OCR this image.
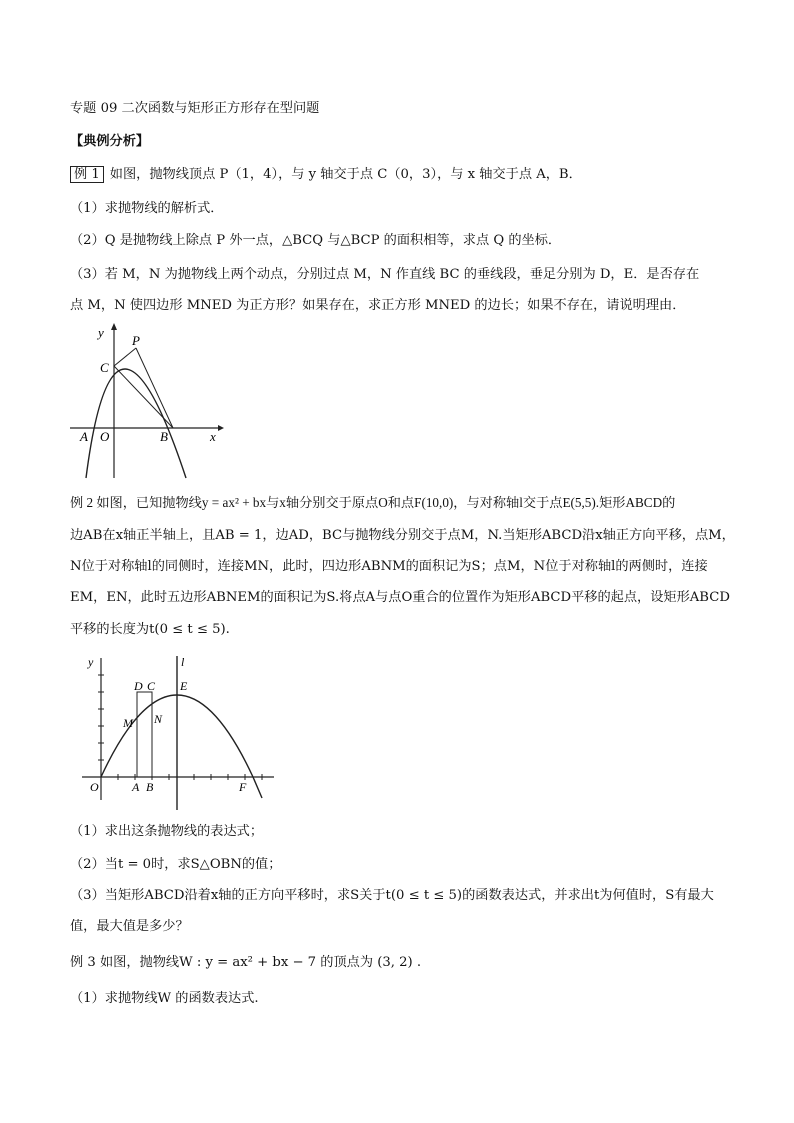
专题 09 二次函数与矩形正方形存在型问题
【典例分析】
例 1 如图，抛物线顶点 P（1，4），与 y 轴交于点 C（0，3），与 x 轴交于点 A，B．
（1）求抛物线的解析式．
（2）Q 是抛物线上除点 P 外一点，△BCQ 与△BCP 的面积相等，求点 Q 的坐标．
（3）若 M，N 为抛物线上两个动点，分别过点 M，N 作直线 BC 的垂线段，垂足分别为 D，E．是否存在
点 M，N 使四边形 MNED 为正方形？如果存在，求正方形 MNED 的边长；如果不存在，请说明理由．
y
x
P
C
A O	B
例 2 如图，已知抛物线y = ax² + bx与x轴分别交于原点O和点F(10,0)，与对称轴l交于点E(5,5).矩形ABCD的
边AB在x轴正半轴上，且AB = 1，边AD，BC与抛物线分别交于点M，N.当矩形ABCD沿x轴正方向平移，点M，
N位于对称轴l的同侧时，连接MN，此时，四边形ABNM的面积记为S；点M，N位于对称轴l的两侧时，连接
EM，EN，此时五边形ABNEM的面积记为S.将点A与点O重合的位置作为矩形ABCD平移的起点，设矩形ABCD
平移的长度为t(0 ≤ t ≤ 5).
y	l
D C E
M N
O	A B	F
（1）求出这条抛物线的表达式；
（2）当t = 0时，求S△OBN的值；
（3）当矩形ABCD沿着x轴的正方向平移时，求S关于t(0 ≤ t ≤ 5)的函数表达式，并求出t为何值时，S有最大
值，最大值是多少？
例 3 如图，抛物线W : y = ax² + bx − 7 的顶点为 (3, 2) .
（1）求抛物线W 的函数表达式.
